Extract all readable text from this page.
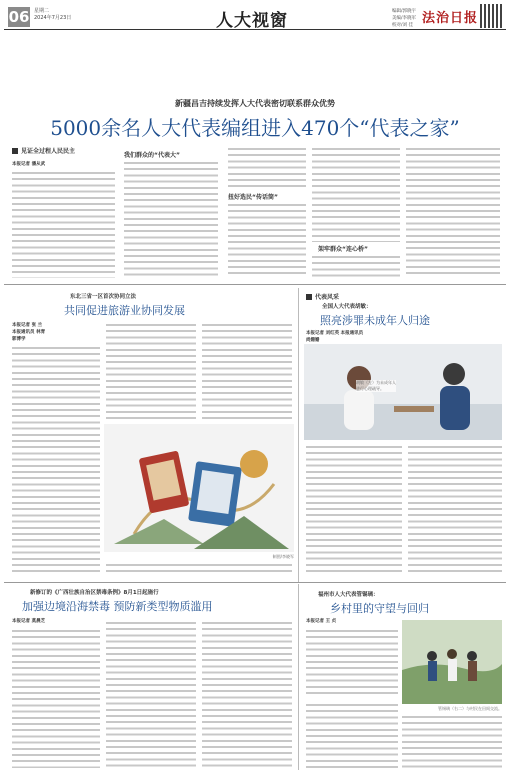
06 星期二
2024年7月23日	人大视窗	编辑/郭晓宇
美编/李晓军
校对/刘 佳 法治日报
新疆昌吉持续发挥人大代表密切联系群众优势
5000余名人大代表编组进入470个“代表之家”
见证全过程人民民主
本报记者 潘从武
我们群众的“代表大”
扭好选民“传话筒”
架牢群众“连心桥”
东北三省一区首次协同立法
共同促进旅游业协同发展
本报记者 张 兰 本报通讯员 林青 郭博学
制图/李晓军
代表风采
全国人大代表胡敏：
照亮涉罪未成年人归途
本报记者 刘红英 本报通讯员 尚姗姗
胡敏（左）为未成年人进行心理疏导。
新修订的《广西壮族自治区禁毒条例》8月1日起施行
加强边境沿海禁毒 预防新类型物质滥用
本报记者 莫晨芝
福州市人大代表管锡璃：
乡村里的守望与回归
本报记者 王 贞
管锡璃（右二）与村民在田间交流。
